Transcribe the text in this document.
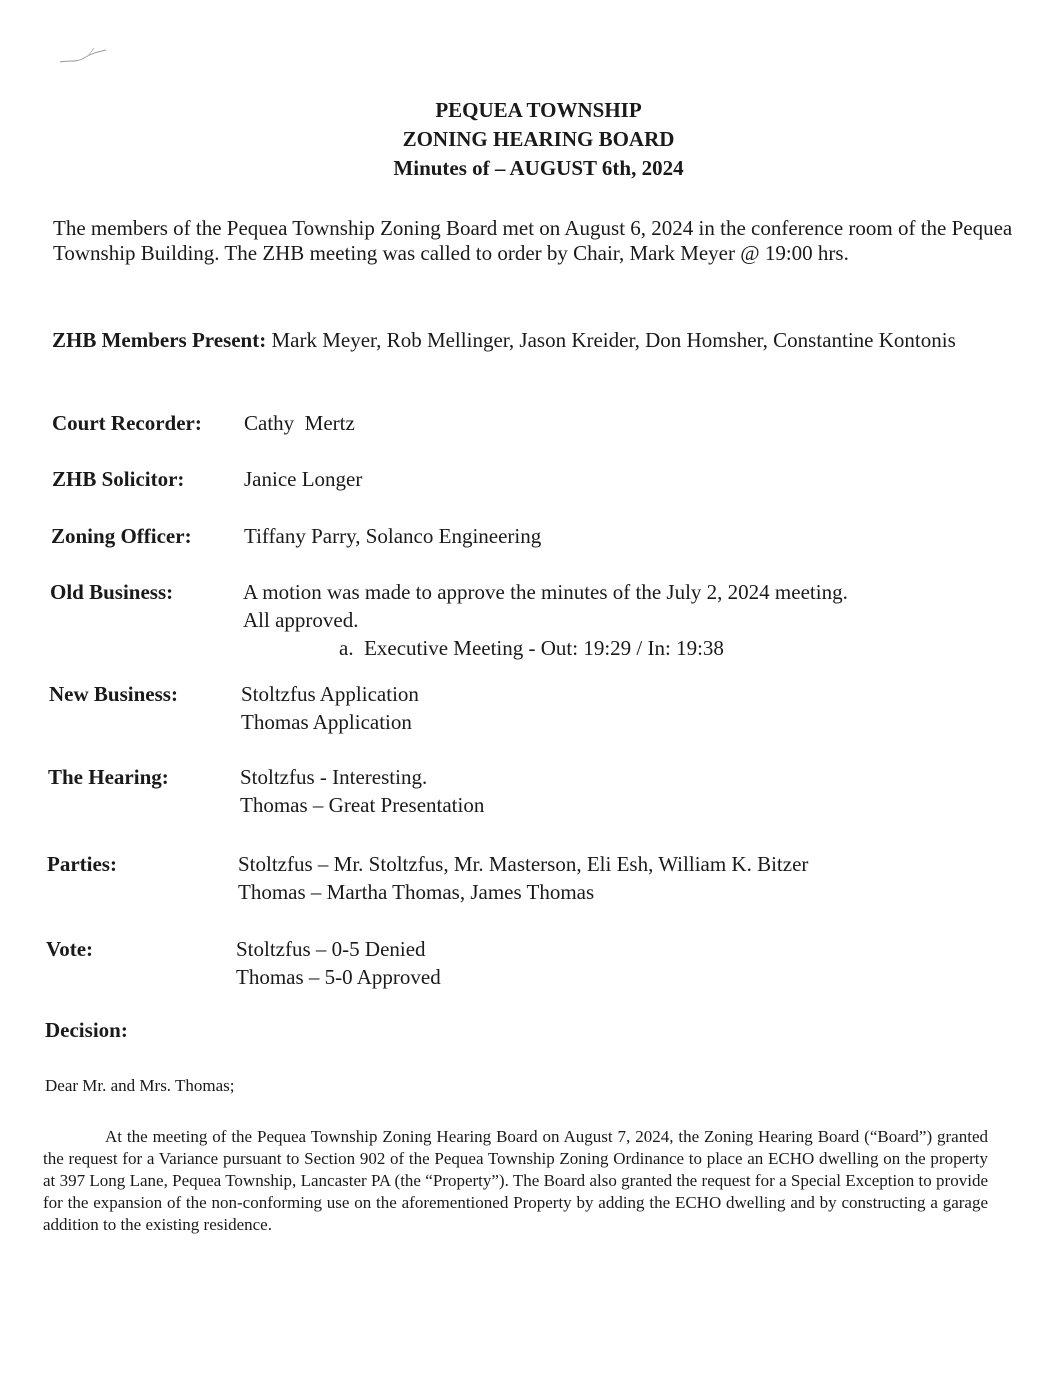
PEQUEA TOWNSHIP
ZONING HEARING BOARD
Minutes of – AUGUST 6th, 2024
The members of the Pequea Township Zoning Board met on August 6, 2024 in the conference room of the Pequea Township Building. The ZHB meeting was called to order by Chair, Mark Meyer @ 19:00 hrs.
ZHB Members Present: Mark Meyer, Rob Mellinger, Jason Kreider, Don Homsher, Constantine Kontonis
Court Recorder: Cathy  Mertz
ZHB Solicitor:	Janice Longer
Zoning Officer: Tiffany Parry, Solanco Engineering
Old Business:	A motion was made to approve the minutes of the July 2, 2024 meeting.
All approved.
a.  Executive Meeting - Out: 19:29 / In: 19:38
New Business:	Stoltzfus Application
Thomas Application
The Hearing:	Stoltzfus - Interesting.
Thomas – Great Presentation
Parties:	Stoltzfus – Mr. Stoltzfus, Mr. Masterson, Eli Esh, William K. Bitzer
Thomas – Martha Thomas, James Thomas
Vote:	Stoltzfus – 0-5 Denied
Thomas – 5-0 Approved
Decision:
Dear Mr. and Mrs. Thomas;
At the meeting of the Pequea Township Zoning Hearing Board on August 7, 2024, the Zoning Hearing Board (“Board”) granted the request for a Variance pursuant to Section 902 of the Pequea Township Zoning Ordinance to place an ECHO dwelling on the property at 397 Long Lane, Pequea Township, Lancaster PA (the “Property”). The Board also granted the request for a Special Exception to provide for the expansion of the non-conforming use on the aforementioned Property by adding the ECHO dwelling and by constructing a garage addition to the existing residence.
